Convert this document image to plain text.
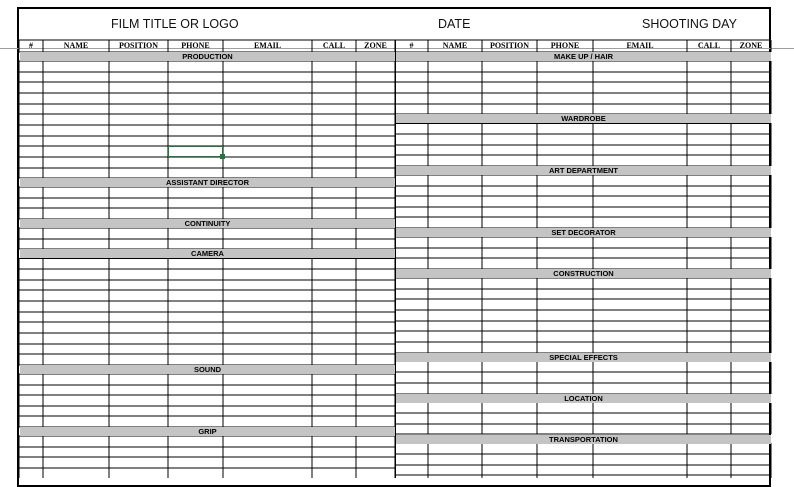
FILM TITLE OR LOGO	DATE	SHOOTING DAY
#	NAME	POSITION	PHONE	EMAIL	CALL	ZONE	#	NAME	POSITION	PHONE	EMAIL	CALL	ZONE
PRODUCTION
ASSISTANT DIRECTOR
CONTINUITY
CAMERA
SOUND
GRIP
MAKE UP / HAIR
WARDROBE
ART DEPARTMENT
SET DECORATOR
CONSTRUCTION
SPECIAL EFFECTS
LOCATION
TRANSPORTATION
